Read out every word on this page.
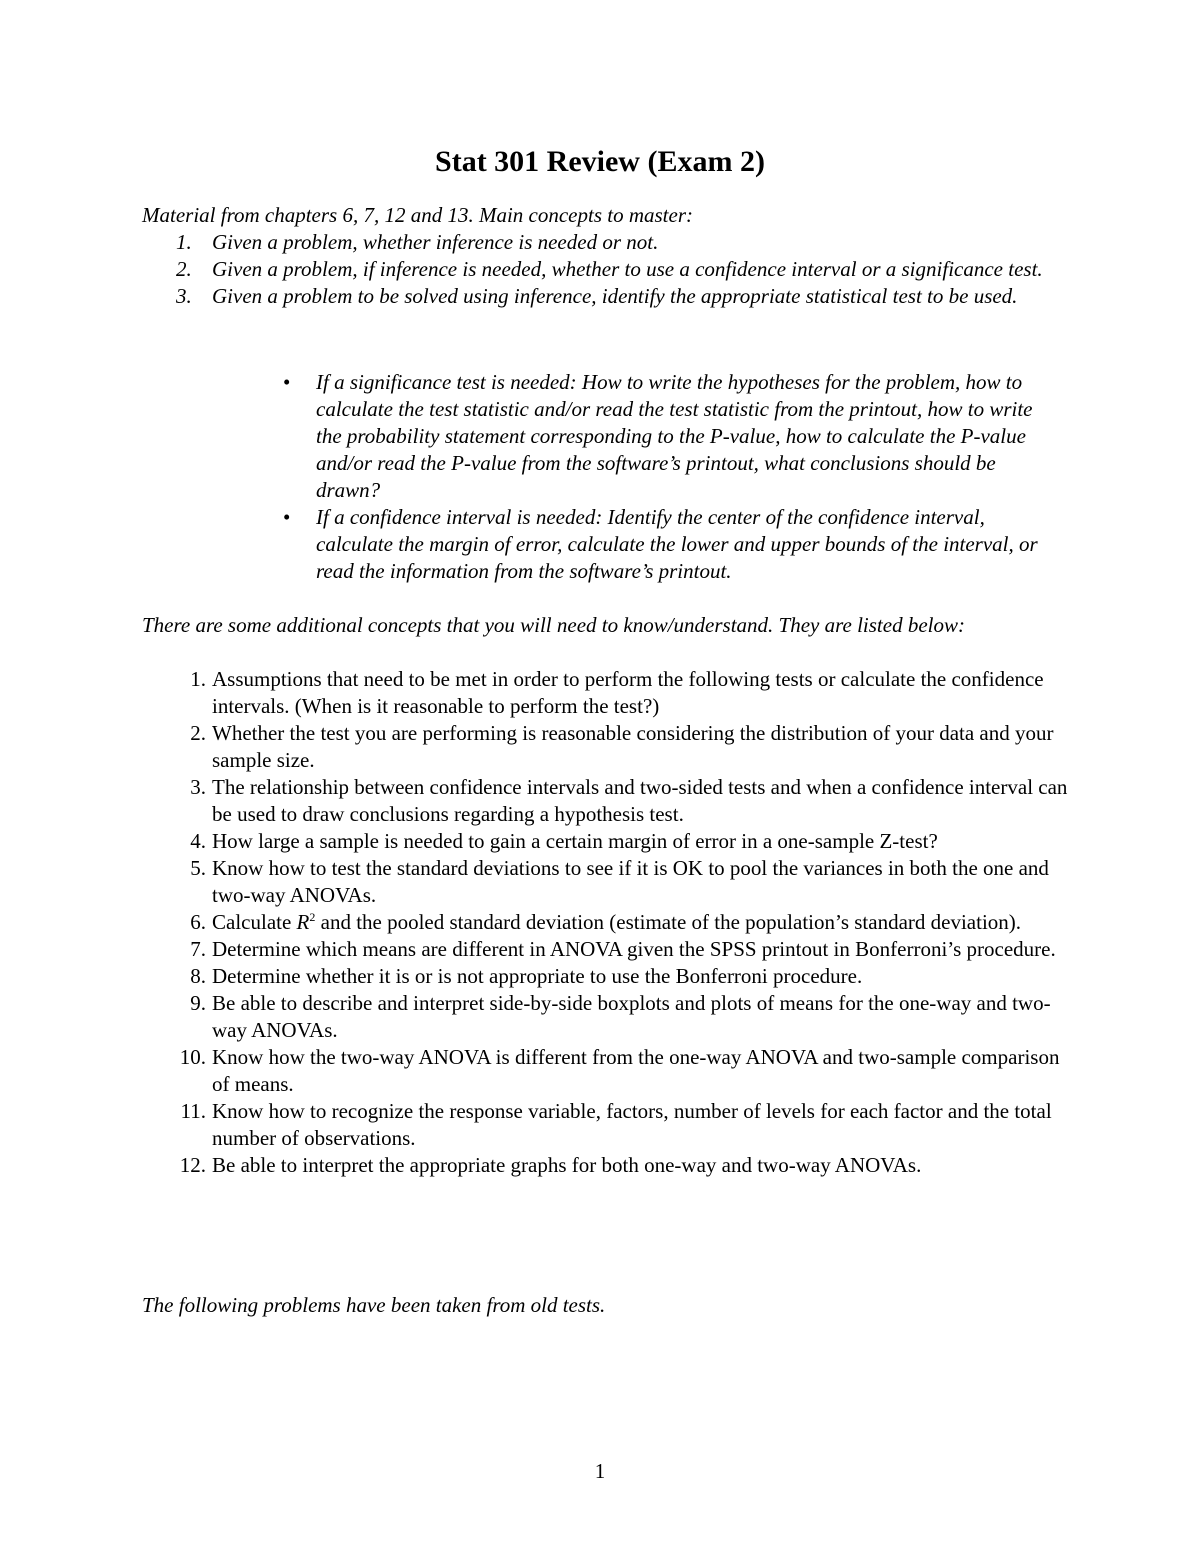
Stat 301 Review (Exam 2)

Material from chapters 6, 7, 12 and 13. Main concepts to master:

1. Given a problem, whether inference is needed or not.
2. Given a problem, if inference is needed, whether to use a confidence interval or a significance test.
3. Given a problem to be solved using inference, identify the appropriate statistical test to be used.
• If a significance test is needed: How to write the hypotheses for the problem, how to calculate the test statistic and/or read the test statistic from the printout, how to write the probability statement corresponding to the P-value, how to calculate the P-value and/or read the P-value from the software’s printout, what conclusions should be drawn?
• If a confidence interval is needed: Identify the center of the confidence interval, calculate the margin of error, calculate the lower and upper bounds of the interval, or read the information from the software’s printout.

There are some additional concepts that you will need to know/understand. They are listed below:

1. Assumptions that need to be met in order to perform the following tests or calculate the confidence intervals. (When is it reasonable to perform the test?)
2. Whether the test you are performing is reasonable considering the distribution of your data and your sample size.
3. The relationship between confidence intervals and two-sided tests and when a confidence interval can be used to draw conclusions regarding a hypothesis test.
4. How large a sample is needed to gain a certain margin of error in a one-sample Z-test?
5. Know how to test the standard deviations to see if it is OK to pool the variances in both the one and two-way ANOVAs.
6. Calculate $R^2$ and the pooled standard deviation (estimate of the population’s standard deviation).
7. Determine which means are different in ANOVA given the SPSS printout in Bonferroni’s procedure.
8. Determine whether it is or is not appropriate to use the Bonferroni procedure.
9. Be able to describe and interpret side-by-side boxplots and plots of means for the one-way and two-way ANOVAs.
10. Know how the two-way ANOVA is different from the one-way ANOVA and two-sample comparison of means.
11. Know how to recognize the response variable, factors, number of levels for each factor and the total number of observations.
12. Be able to interpret the appropriate graphs for both one-way and two-way ANOVAs.

The following problems have been taken from old tests.

1
